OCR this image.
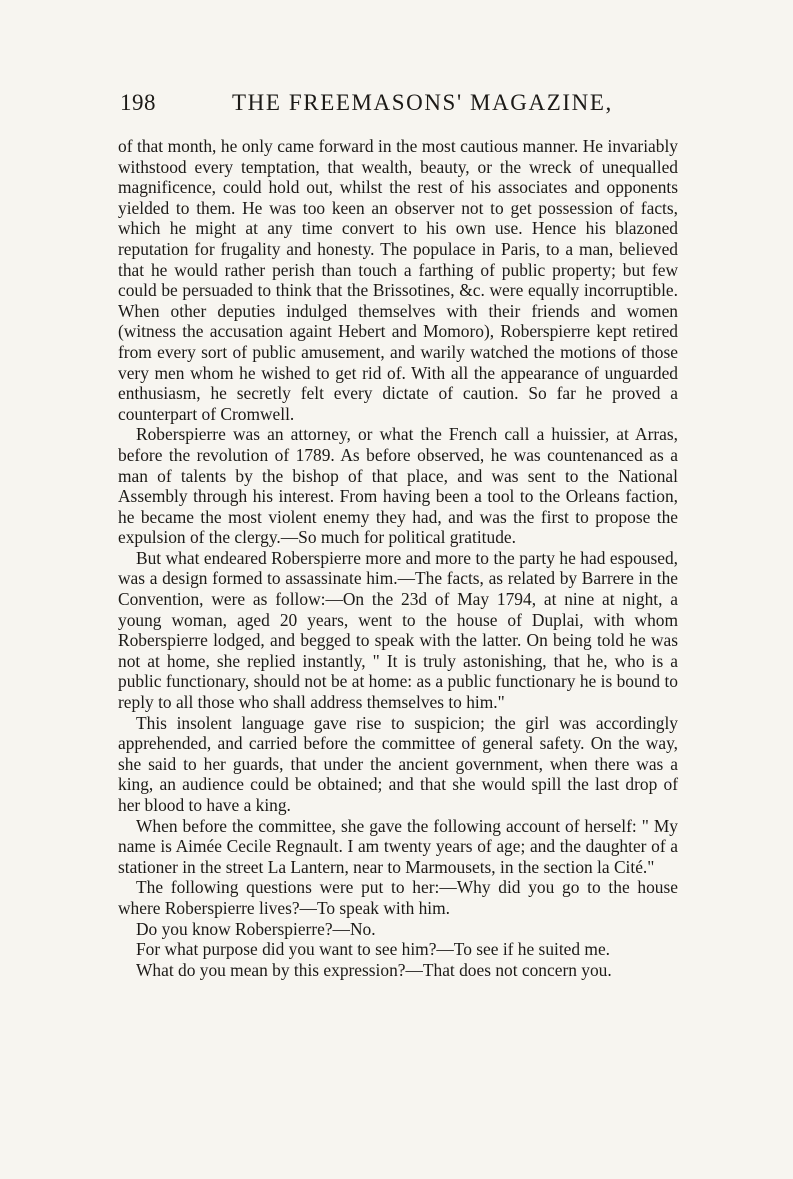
198	THE FREEMASONS' MAGAZINE,

of that month, he only came forward in the most cautious manner. He invariably withstood every temptation, that wealth, beauty, or the wreck of unequalled magnificence, could hold out, whilst the rest of his associates and opponents yielded to them. He was too keen an observer not to get possession of facts, which he might at any time convert to his own use. Hence his blazoned reputation for frugality and honesty. The populace in Paris, to a man, believed that he would rather perish than touch a farthing of public property; but few could be persuaded to think that the Brissotines, &c. were equally incorruptible. When other deputies indulged themselves with their friends and women (witness the accusation againt Hebert and Momoro), Roberspierre kept retired from every sort of public amusement, and warily watched the motions of those very men whom he wished to get rid of. With all the appearance of unguarded enthusiasm, he secretly felt every dictate of caution. So far he proved a counterpart of Cromwell.

Roberspierre was an attorney, or what the French call a huissier, at Arras, before the revolution of 1789. As before observed, he was countenanced as a man of talents by the bishop of that place, and was sent to the National Assembly through his interest. From having been a tool to the Orleans faction, he became the most violent enemy they had, and was the first to propose the expulsion of the clergy.—So much for political gratitude.

But what endeared Roberspierre more and more to the party he had espoused, was a design formed to assassinate him.—The facts, as related by Barrere in the Convention, were as follow:—On the 23d of May 1794, at nine at night, a young woman, aged 20 years, went to the house of Duplai, with whom Roberspierre lodged, and begged to speak with the latter. On being told he was not at home, she replied instantly, " It is truly astonishing, that he, who is a public functionary, should not be at home: as a public functionary he is bound to reply to all those who shall address themselves to him."

This insolent language gave rise to suspicion; the girl was accordingly apprehended, and carried before the committee of general safety. On the way, she said to her guards, that under the ancient government, when there was a king, an audience could be obtained; and that she would spill the last drop of her blood to have a king.

When before the committee, she gave the following account of herself: " My name is Aimée Cecile Regnault. I am twenty years of age; and the daughter of a stationer in the street La Lantern, near to Marmousets, in the section la Cité."

The following questions were put to her:—Why did you go to the house where Roberspierre lives?—To speak with him.

Do you know Roberspierre?—No.

For what purpose did you want to see him?—To see if he suited me.

What do you mean by this expression?—That does not concern you.
